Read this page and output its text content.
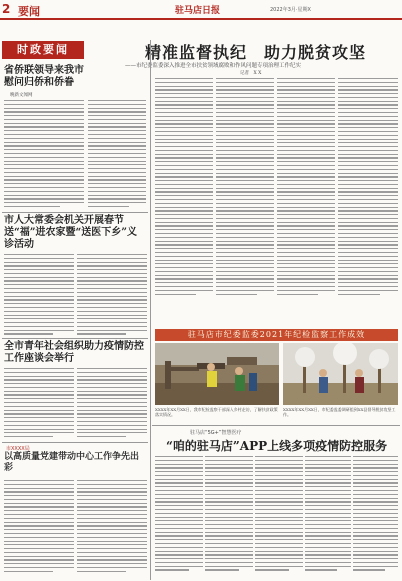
2 要闻	驻马店日报	2022年3月·星期X
时政要闻	精准监督执纪　助力脱贫攻坚
——市纪委监委深入推进全市扶贫领域腐败和作风问题专项治理工作纪实
记者　X X
省侨联领导来我市慰问归侨和侨眷
晚新文闻网
市人大常委会机关开展春节送“福”进农家暨“送医下乡”义诊活动
全市青年社会组织助力疫情防控工作座谈会举行
市XXXX局
以高质量党建带动中心工作争先出彩
驻马店市纪委监委2021年纪检监察工作成效
XXXX年XX月XX日，我市纪检监察干部深入乡村走访，了解扶贫政策落实情况。
XXXX年XX月XX日，市纪委监委调研组到XX县督导脱贫攻坚工作。
驻马店“5G+”智慧医疗
“咱的驻马店”APP上线多项疫情防控服务
